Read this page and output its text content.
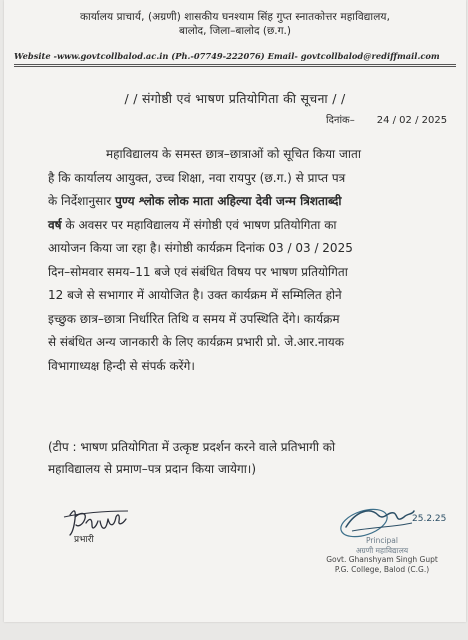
कार्यालय प्राचार्य, (अग्रणी) शासकीय घनश्याम सिंह गुप्त स्नातकोत्तर महाविद्यालय,
बालोद, जिला–बालोद (छ.ग.)
Website -www.govtcollbalod.ac.in (Ph.-07749-222076) Email- govtcollbalod@rediffmail.com
/ / संगोष्ठी एवं भाषण प्रतियोगिता की सूचना / /
दिनांक– 24 / 02 / 2025
महाविद्यालय के समस्त छात्र–छात्राओं को सूचित किया जाता
है कि कार्यालय आयुक्त, उच्च शिक्षा, नवा रायपुर (छ.ग.) से प्राप्त पत्र
के निर्देशानुसार पुण्य श्लोक लोक माता अहिल्या देवी जन्म त्रिशताब्दी
वर्ष के अवसर पर महाविद्यालय में संगोष्ठी एवं भाषण प्रतियोगिता का
आयोजन किया जा रहा है। संगोष्ठी कार्यक्रम दिनांक 03 / 03 / 2025
दिन–सोमवार समय–11 बजे एवं संबंधित विषय पर भाषण प्रतियोगिता
12 बजे से सभागार में आयोजित है। उक्त कार्यक्रम में सम्मिलित होने
इच्छुक छात्र–छात्रा निर्धारित तिथि व समय में उपस्थिति देंगे। कार्यक्रम
से संबंधित अन्य जानकारी के लिए कार्यक्रम प्रभारी प्रो. जे.आर.नायक
विभागाध्यक्ष हिन्दी से संपर्क करेंगे।
(टीप : भाषण प्रतियोगिता में उत्कृष्ट प्रदर्शन करने वाले प्रतिभागी को
महाविद्यालय से प्रमाण–पत्र प्रदान किया जायेगा।)
प्रभारी
25.2.25
Principal
अग्रणी महाविद्यालय
Govt. Ghanshyam Singh Gupt
P.G. College, Balod (C.G.)
